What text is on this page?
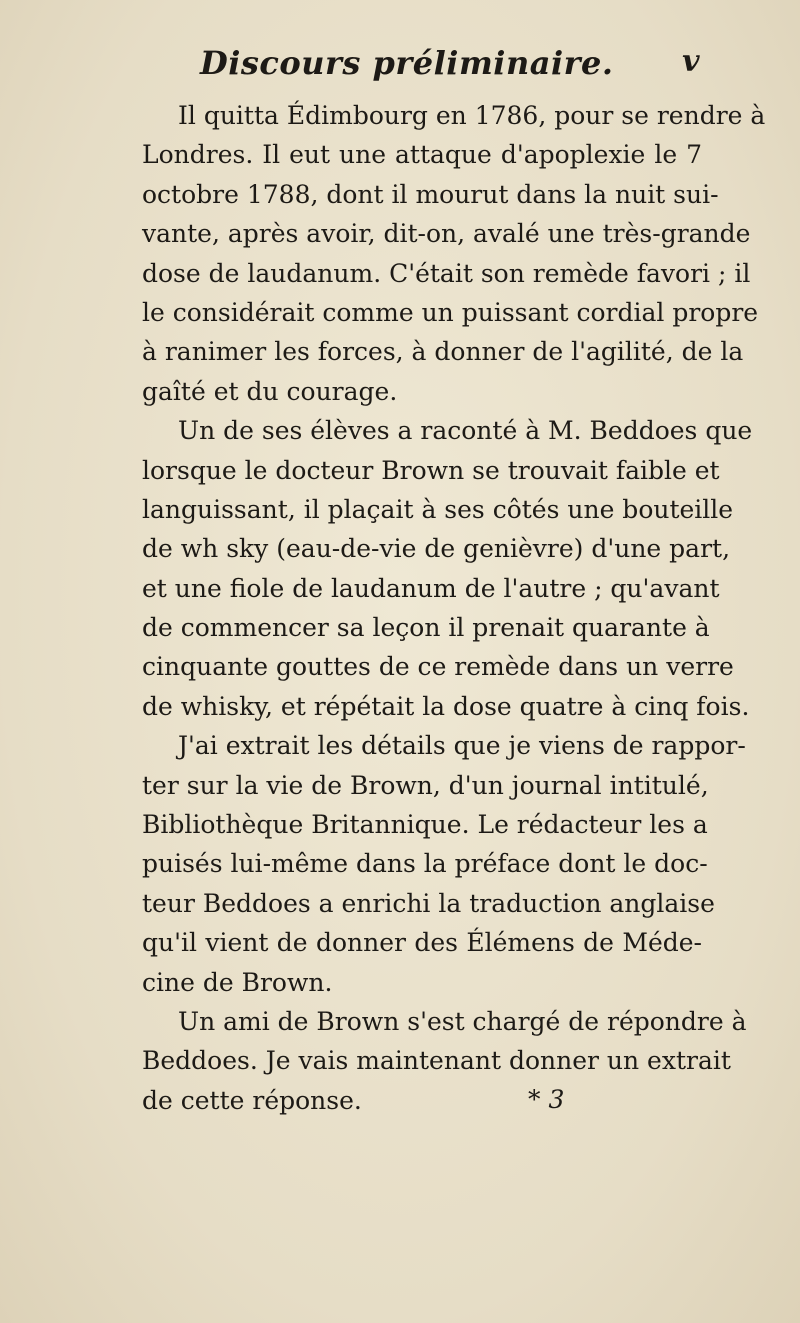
Discours préliminaire. v
Il quitta Édimbourg en 1786, pour se rendre à
Londres. Il eut une attaque d'apoplexie le 7
octobre 1788, dont il mourut dans la nuit sui-
vante, après avoir, dit-on, avalé une très-grande
dose de laudanum. C'était son remède favori ; il
le considérait comme un puissant cordial propre
à ranimer les forces, à donner de l'agilité, de la
gaîté et du courage.
Un de ses élèves a raconté à M. Beddoes que
lorsque le docteur Brown se trouvait faible et
languissant, il plaçait à ses côtés une bouteille
de wh sky (eau-de-vie de genièvre) d'une part,
et une fiole de laudanum de l'autre ; qu'avant
de commencer sa leçon il prenait quarante à
cinquante gouttes de ce remède dans un verre
de whisky, et répétait la dose quatre à cinq fois.
J'ai extrait les détails que je viens de rappor-
ter sur la vie de Brown, d'un journal intitulé,
Bibliothèque Britannique. Le rédacteur les a
puisés lui-même dans la préface dont le doc-
teur Beddoes a enrichi la traduction anglaise
qu'il vient de donner des Élémens de Méde-
cine de Brown.
Un ami de Brown s'est chargé de répondre à
Beddoes. Je vais maintenant donner un extrait
de cette réponse.	* 3
